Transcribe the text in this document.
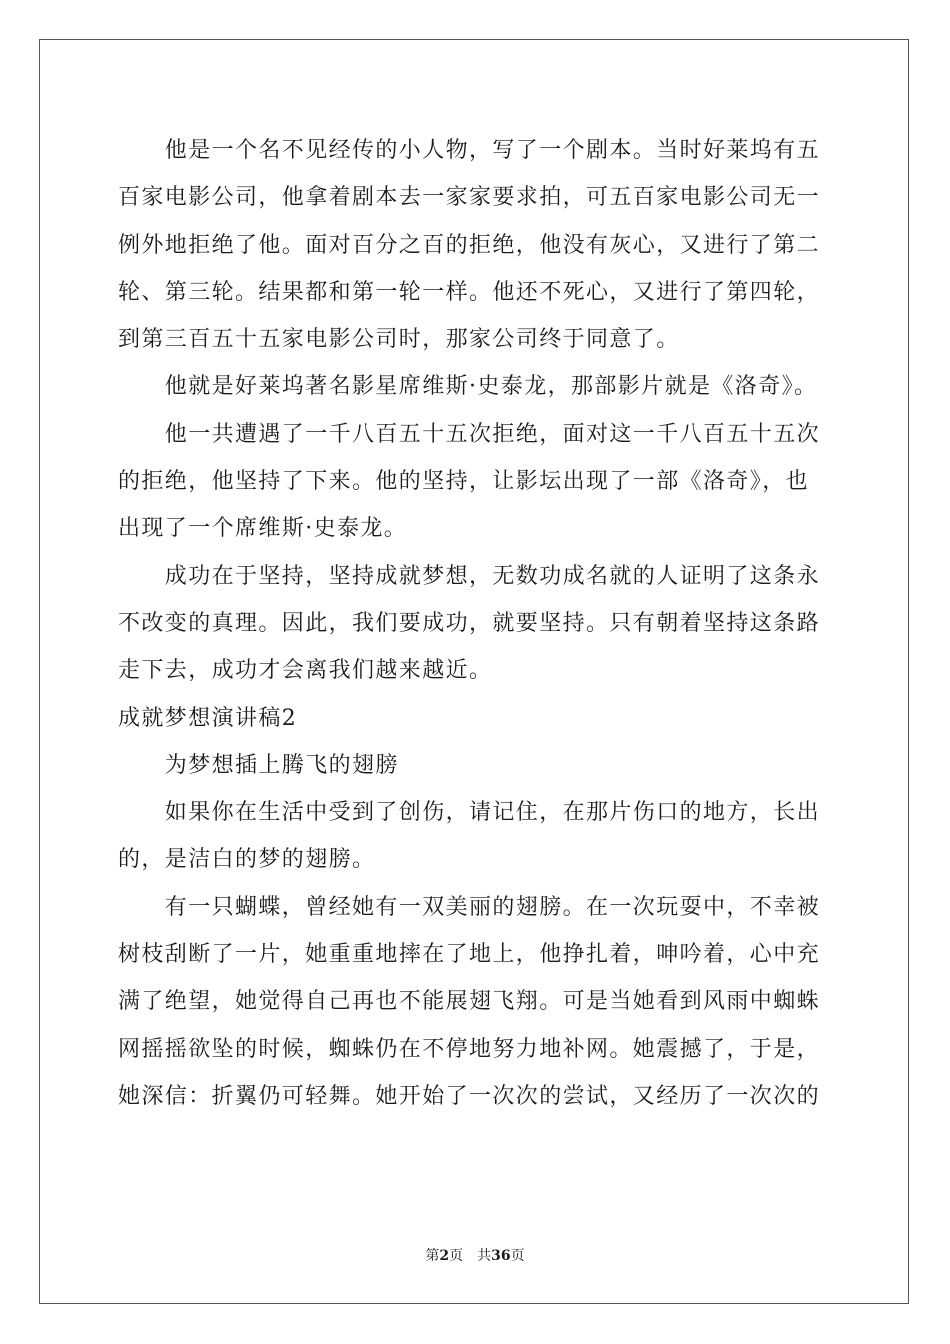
　　他是一个名不见经传的小人物，写了一个剧本。当时好莱坞有五
百家电影公司，他拿着剧本去一家家要求拍，可五百家电影公司无一
例外地拒绝了他。面对百分之百的拒绝，他没有灰心，又进行了第二
轮、第三轮。结果都和第一轮一样。他还不死心，又进行了第四轮，
到第三百五十五家电影公司时，那家公司终于同意了。
　　他就是好莱坞著名影星席维斯·史泰龙，那部影片就是《洛奇》。
　　他一共遭遇了一千八百五十五次拒绝，面对这一千八百五十五次
的拒绝，他坚持了下来。他的坚持，让影坛出现了一部《洛奇》，也
出现了一个席维斯·史泰龙。
　　成功在于坚持，坚持成就梦想，无数功成名就的人证明了这条永
不改变的真理。因此，我们要成功，就要坚持。只有朝着坚持这条路
走下去，成功才会离我们越来越近。
成就梦想演讲稿2
　　为梦想插上腾飞的翅膀
　　如果你在生活中受到了创伤，请记住，在那片伤口的地方，长出
的，是洁白的梦的翅膀。
　　有一只蝴蝶，曾经她有一双美丽的翅膀。在一次玩耍中，不幸被
树枝刮断了一片，她重重地摔在了地上，他挣扎着，呻吟着，心中充
满了绝望，她觉得自己再也不能展翅飞翔。可是当她看到风雨中蜘蛛
网摇摇欲坠的时候，蜘蛛仍在不停地努力地补网。她震撼了，于是，
她深信：折翼仍可轻舞。她开始了一次次的尝试，又经历了一次次的
第2页　共36页
